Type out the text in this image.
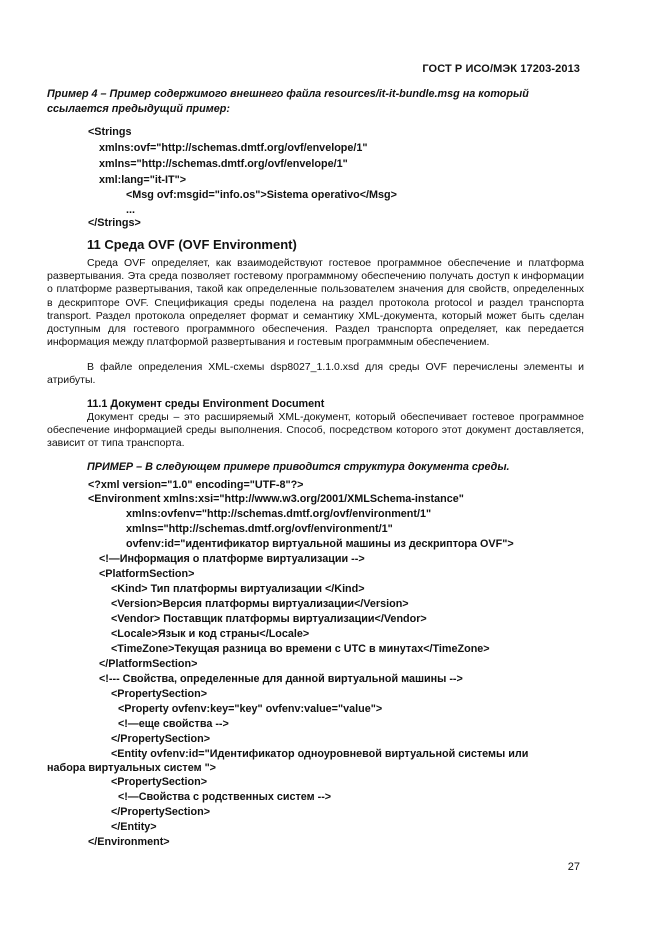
ГОСТ Р ИСО/МЭК 17203-2013
Пример 4 – Пример содержимого внешнего файла resources/it-it-bundle.msg на который ссылается предыдущий пример:
<Strings
xmlns:ovf="http://schemas.dmtf.org/ovf/envelope/1"
xmlns="http://schemas.dmtf.org/ovf/envelope/1"
xml:lang="it-IT">
<Msg ovf:msgid="info.os">Sistema operativo</Msg>
...
</Strings>
11 Среда OVF (OVF Environment)
Среда OVF определяет, как взаимодействуют гостевое программное обеспечение и платформа развертывания. Эта среда позволяет гостевому программному обеспечению получать доступ к информации о платформе развертывания, такой как определенные пользователем значения для свойств, определенных в дескрипторе OVF. Спецификация среды поделена на раздел протокола protocol и раздел транспорта transport. Раздел протокола определяет формат и семантику XML-документа, который может быть сделан доступным для гостевого программного обеспечения. Раздел транспорта определяет, как передается информация между платформой развертывания и гостевым программным обеспечением.
В файле определения XML-схемы dsp8027_1.1.0.xsd для среды OVF перечислены элементы и атрибуты.
11.1 Документ среды Environment Document
Документ среды – это расширяемый XML-документ, который обеспечивает гостевое программное обеспечение информацией среды выполнения. Способ, посредством которого этот документ доставляется, зависит от типа транспорта.
ПРИМЕР – В следующем примере приводится структура документа среды.
<?xml version="1.0" encoding="UTF-8"?>
<Environment xmlns:xsi="http://www.w3.org/2001/XMLSchema-instance"
xmlns:ovfenv="http://schemas.dmtf.org/ovf/environment/1"
xmlns="http://schemas.dmtf.org/ovf/environment/1"
ovfenv:id="идентификатор виртуальной машины из дескриптора OVF">
<!—Информация о платформе виртуализации -->
<PlatformSection>
<Kind> Тип платформы виртуализации </Kind>
<Version>Версия платформы виртуализации</Version>
<Vendor> Поставщик платформы виртуализации</Vendor>
<Locale>Язык и код страны</Locale>
<TimeZone>Текущая разница во времени с UTC в минутах</TimeZone>
</PlatformSection>
<!--- Свойства, определенные для данной виртуальной машины -->
<PropertySection>
<Property ovfenv:key="key" ovfenv:value="value">
<!—еще свойства -->
</PropertySection>
<Entity ovfenv:id="Идентификатор одноуровневой виртуальной системы или
набора виртуальных систем ">
<PropertySection>
<!—Свойства с родственных систем -->
</PropertySection>
</Entity>
</Environment>
27
